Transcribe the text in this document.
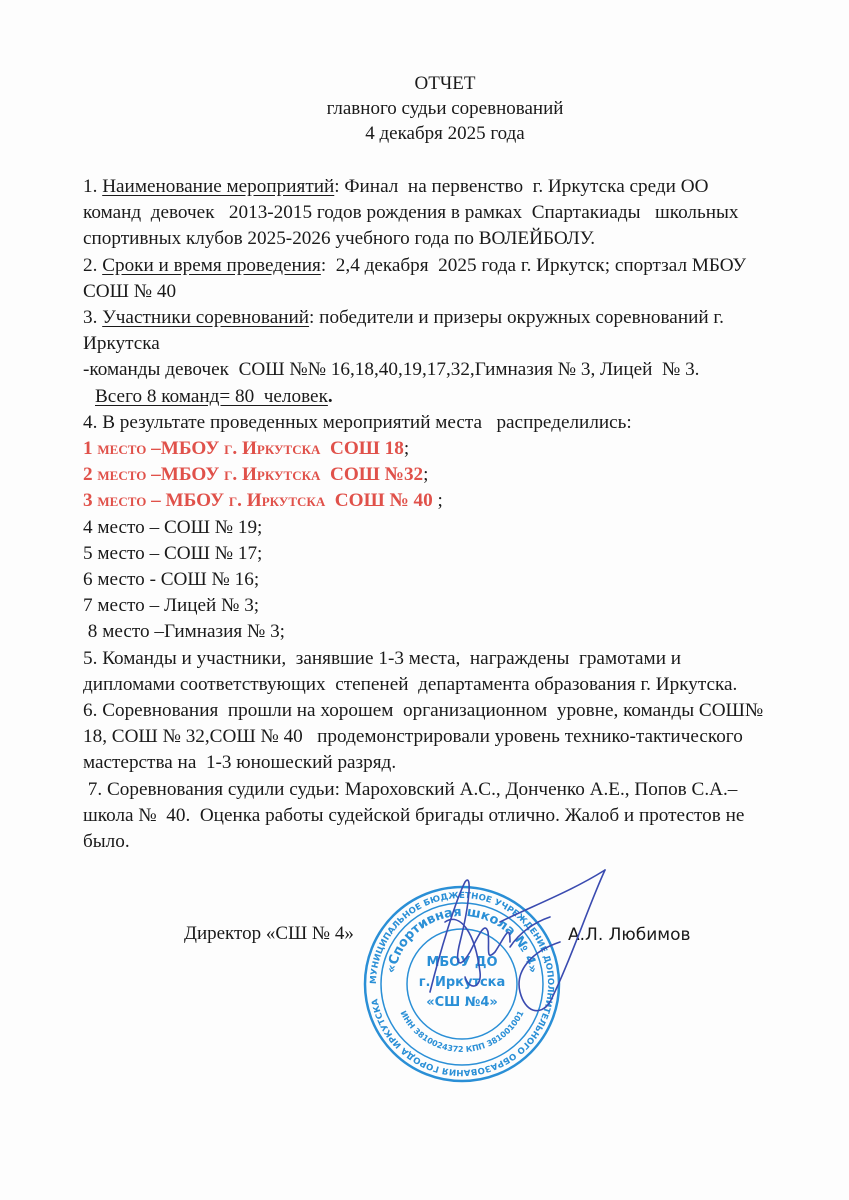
ОТЧЕТ
главного судьи соревнований
4 декабря 2025 года
1. Наименование мероприятий: Финал  на первенство  г. Иркутска среди ОО
команд  девочек   2013-2015 годов рождения в рамках  Спартакиады   школьных
спортивных клубов 2025-2026 учебного года по ВОЛЕЙБОЛУ.
2. Сроки и время проведения:  2,4 декабря  2025 года г. Иркутск; спортзал МБОУ
СОШ № 40
3. Участники соревнований: победители и призеры окружных соревнований г.
Иркутска
-команды девочек  СОШ №№ 16,18,40,19,17,32,Гимназия № 3, Лицей  № 3.
Всего 8 команд= 80  человек.
4. В результате проведенных мероприятий места   распределились:
1 место –МБОУ г. Иркутска  СОШ 18;
2 место –МБОУ г. Иркутска  СОШ №32;
3 место – МБОУ г. Иркутска  СОШ № 40 ;
4 место – СОШ № 19;
5 место – СОШ № 17;
6 место - СОШ № 16;
7 место – Лицей № 3;
8 место –Гимназия № 3;
5. Команды и участники,  занявшие 1-3 места,  награждены  грамотами и
дипломами соответствующих  степеней  департамента образования г. Иркутска.
6. Соревнования  прошли на хорошем  организационном  уровне, команды СОШ№
18, СОШ № 32,СОШ № 40   продемонстрировали уровень технико-тактического
мастерства на  1-3 юношеский разряд.
7. Соревнования судили судьи: Мароховский А.С., Донченко А.Е., Попов С.А.–
школа №  40.  Оценка работы судейской бригады отлично. Жалоб и протестов не
было.
Директор «СШ № 4»	А.Л. Любимов
МУНИЦИПАЛЬНОЕ БЮДЖЕТНОЕ УЧРЕЖДЕНИЕ ДОПОЛНИТЕЛЬНОГО ОБРАЗОВАНИЯ ГОРОДА ИРКУТСКА
«Спортивная школа № 4»
ИНН 3810024372 КПП 381001001
МБОУ ДО
г. Иркутска
«СШ №4»
